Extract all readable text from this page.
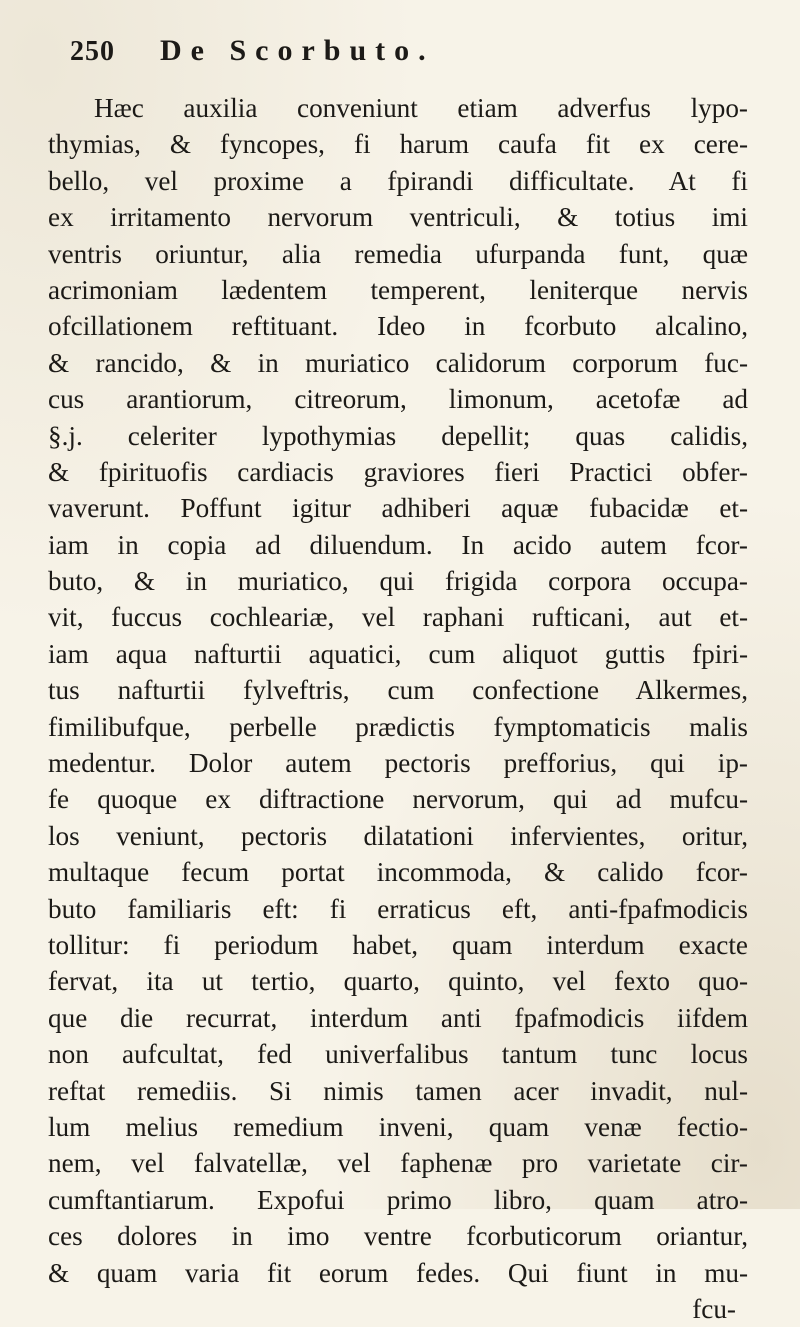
250	De Scorbuto.
Hæc auxilia conveniunt etiam adverfus lypo-
thymias, & fyncopes, fi harum caufa fit ex cere-
bello, vel proxime a fpirandi difficultate. At fi
ex irritamento nervorum ventriculi, & totius imi
ventris oriuntur, alia remedia ufurpanda funt, quæ
acrimoniam lædentem temperent, leniterque nervis
ofcillationem reftituant. Ideo in fcorbuto alcalino,
& rancido, & in muriatico calidorum corporum fuc-
cus arantiorum, citreorum, limonum, acetofæ ad
§.j. celeriter lypothymias depellit; quas calidis,
& fpirituofis cardiacis graviores fieri Practici obfer-
vaverunt. Poffunt igitur adhiberi aquæ fubacidæ et-
iam in copia ad diluendum. In acido autem fcor-
buto, & in muriatico, qui frigida corpora occupa-
vit, fuccus cochleariæ, vel raphani rufticani, aut et-
iam aqua nafturtii aquatici, cum aliquot guttis fpiri-
tus nafturtii fylveftris, cum confectione Alkermes,
fimilibufque, perbelle prædictis fymptomaticis malis
medentur. Dolor autem pectoris prefforius, qui ip-
fe quoque ex diftractione nervorum, qui ad mufcu-
los veniunt, pectoris dilatationi infervientes, oritur,
multaque fecum portat incommoda, & calido fcor-
buto familiaris eft: fi erraticus eft, anti-fpafmodicis
tollitur: fi periodum habet, quam interdum exacte
fervat, ita ut tertio, quarto, quinto, vel fexto quo-
que die recurrat, interdum anti fpafmodicis iifdem
non aufcultat, fed univerfalibus tantum tunc locus
reftat remediis. Si nimis tamen acer invadit, nul-
lum melius remedium inveni, quam venæ fectio-
nem, vel falvatellæ, vel faphenæ pro varietate cir-
cumftantiarum. Expofui primo libro, quam atro-
ces dolores in imo ventre fcorbuticorum oriantur,
& quam varia fit eorum fedes. Qui fiunt in mu-
fcu-
